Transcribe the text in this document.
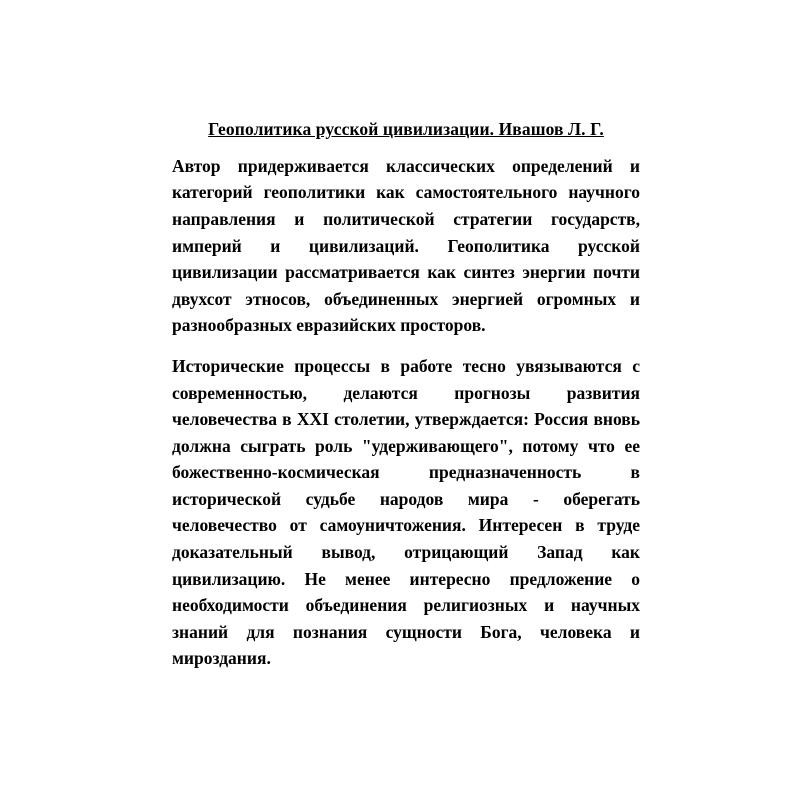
Геополитика русской цивилизации. Ивашов Л. Г.

Автор придерживается классических определений и категорий геополитики как самостоятельного научного направления и политической стратегии государств, империй и цивилизаций. Геополитика русской цивилизации рассматривается как синтез энергии почти двухсот этносов, объединенных энергией огромных и разнообразных евразийских просторов.

Исторические процессы в работе тесно увязываются с современностью, делаются прогнозы развития человечества в XXI столетии, утверждается: Россия вновь должна сыграть роль "удерживающего", потому что ее божественно-космическая предназначенность в исторической судьбе народов мира - оберегать человечество от самоуничтожения. Интересен в труде доказательный вывод, отрицающий Запад как цивилизацию. Не менее интересно предложение о необходимости объединения религиозных и научных знаний для познания сущности Бога, человека и мироздания.
